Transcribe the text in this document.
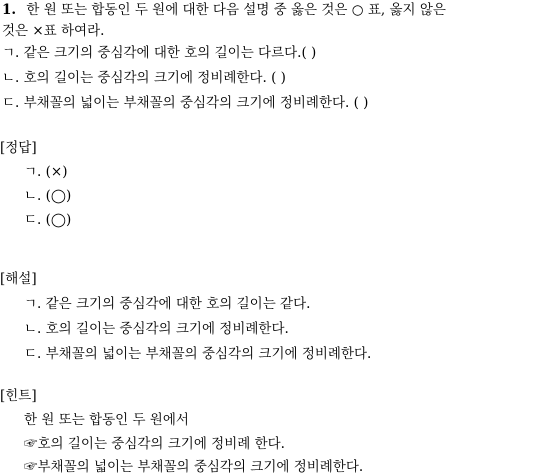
1. 한 원 또는 합동인 두 원에 대한 다음 설명 중 옳은 것은 ○ 표, 옳지 않은
것은 ×표 하여라.
ㄱ. 같은 크기의 중심각에 대한 호의 길이는 다르다.( )
ㄴ. 호의 길이는 중심각의 크기에 정비례한다. ( )
ㄷ. 부채꼴의 넓이는 부채꼴의 중심각의 크기에 정비례한다. ( )
[정답]
ㄱ. (×)
ㄴ. (◯)
ㄷ. (◯)
[해설]
ㄱ. 같은 크기의 중심각에 대한 호의 길이는 같다.
ㄴ. 호의 길이는 중심각의 크기에 정비례한다.
ㄷ. 부채꼴의 넓이는 부채꼴의 중심각의 크기에 정비례한다.
[힌트]
한 원 또는 합동인 두 원에서
☞호의 길이는 중심각의 크기에 정비례 한다.
☞부채꼴의 넓이는 부채꼴의 중심각의 크기에 정비례한다.
